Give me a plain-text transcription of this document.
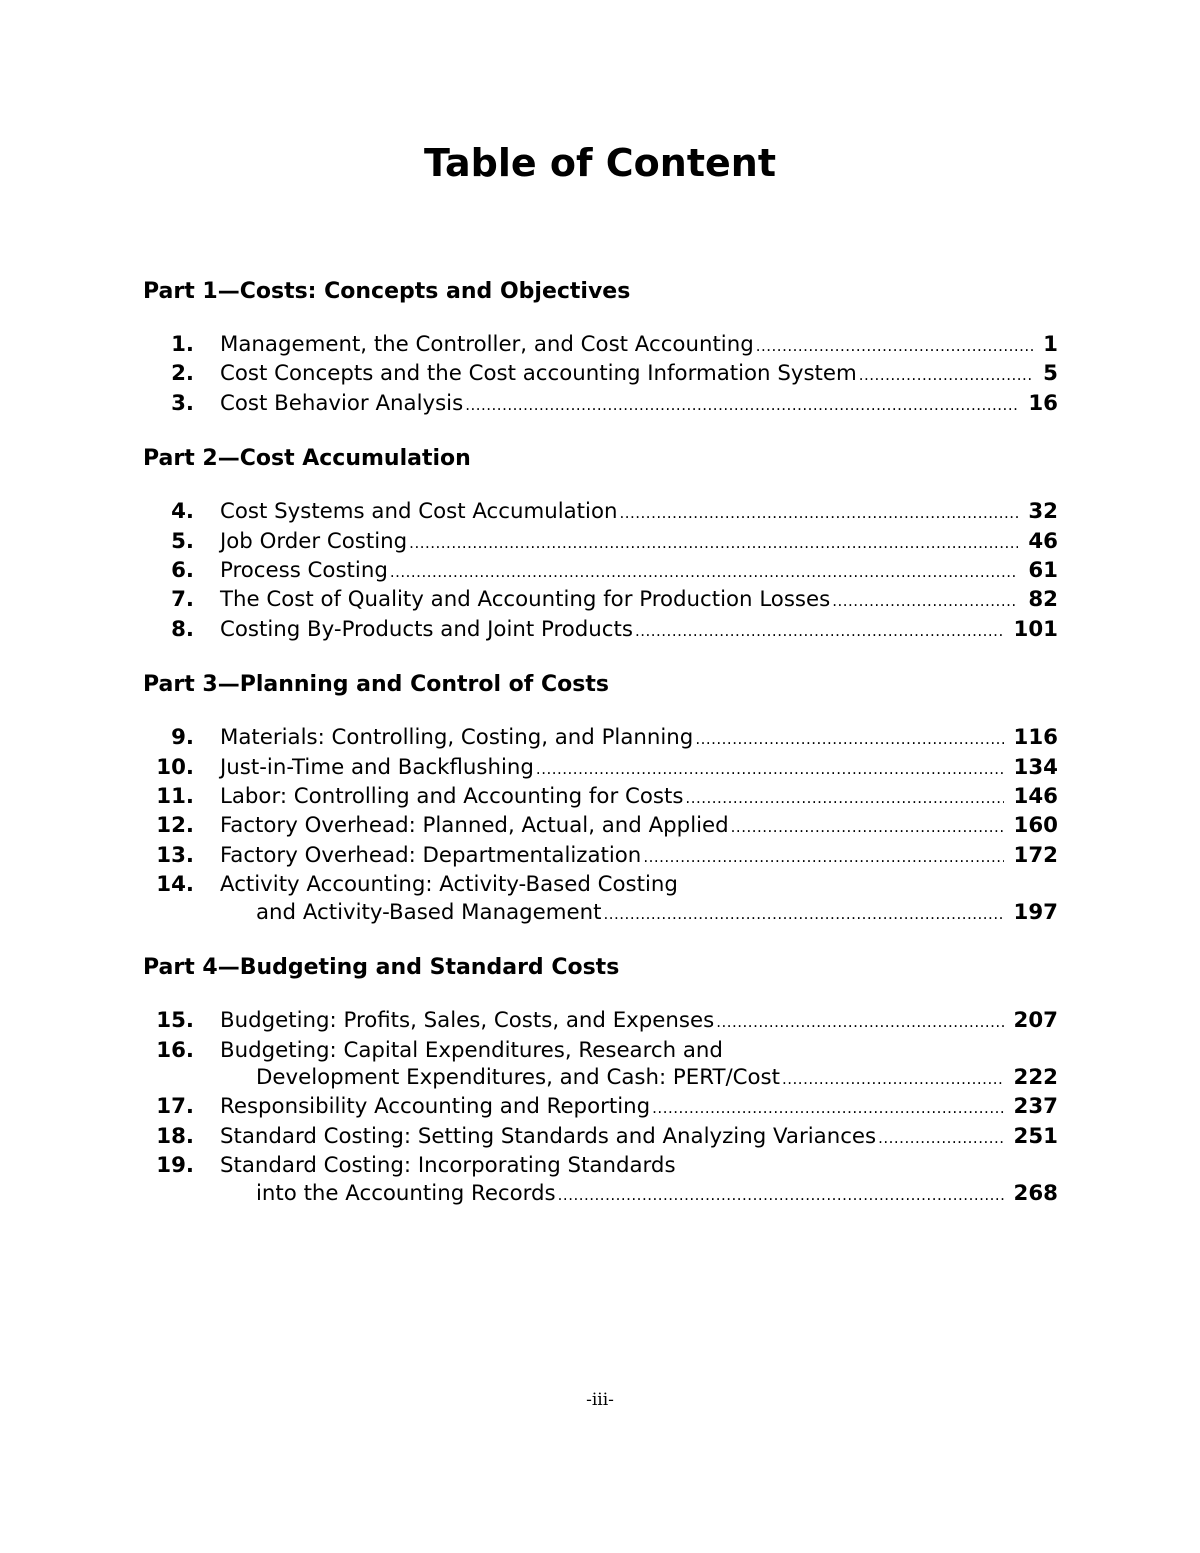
Table of Content
Part 1—Costs: Concepts and Objectives
1. Management, the Controller, and Cost Accounting .....	1
2. Cost Concepts and the Cost accounting Information System .....	5
3. Cost Behavior Analysis .....	16
Part 2—Cost Accumulation
4. Cost Systems and Cost Accumulation .....	32
5. Job Order Costing .....	46
6. Process Costing .....	61
7. The Cost of Quality and Accounting for Production Losses .....	82
8. Costing By-Products and Joint Products .....	101
Part 3—Planning and Control of Costs
9. Materials: Controlling, Costing, and Planning .....	116
10. Just-in-Time and Backflushing .....	134
11. Labor: Controlling and Accounting for Costs .....	146
12. Factory Overhead: Planned, Actual, and Applied .....	160
13. Factory Overhead: Departmentalization .....	172
14. Activity Accounting: Activity-Based Costing
and Activity-Based Management .....	197
Part 4—Budgeting and Standard Costs
15. Budgeting: Profits, Sales, Costs, and Expenses .....	207
16. Budgeting: Capital Expenditures, Research and
Development Expenditures, and Cash: PERT/Cost .....	222
17. Responsibility Accounting and Reporting .....	237
18. Standard Costing: Setting Standards and Analyzing Variances .....	251
19. Standard Costing: Incorporating Standards
into the Accounting Records .....	268
-iii-
